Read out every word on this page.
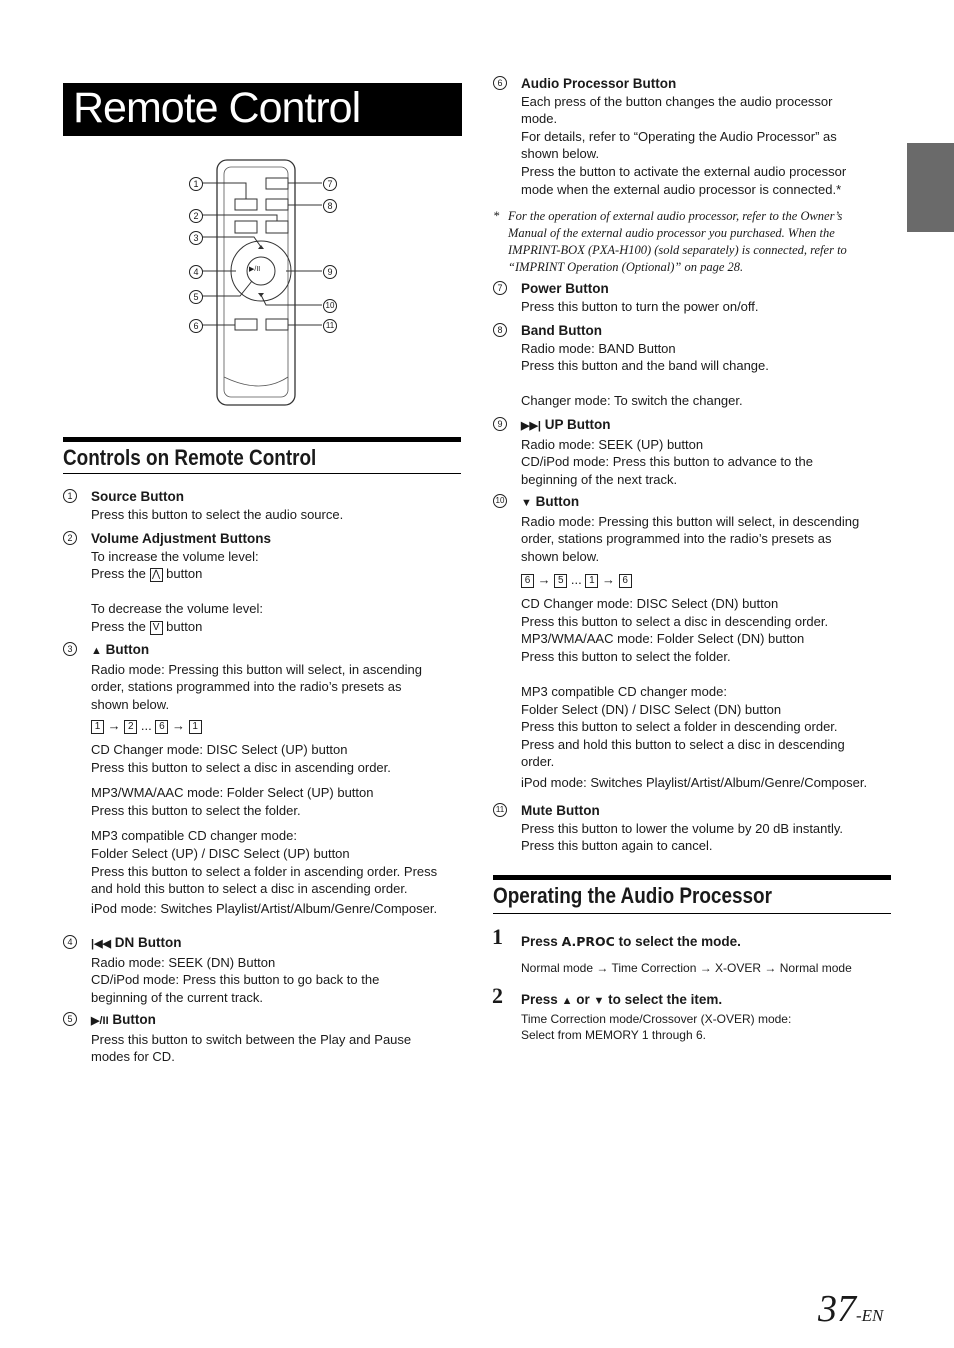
Remote Control
1
2
3
4
5
6
7
8
9
10
11
▶/II
Controls on Remote Control
1	Source Button
Press this button to select the audio source.
2	Volume Adjustment Buttons
To increase the volume level:
Press the ⋀ button
To decrease the volume level:
Press the V button
3	▲ Button
Radio mode: Pressing this button will select, in ascending
order, stations programmed into the radio’s presets as
shown below.
1 → 2 ... 6 → 1
CD Changer mode: DISC Select (UP) button
Press this button to select a disc in ascending order.
MP3/WMA/AAC mode: Folder Select (UP) button
Press this button to select the folder.
MP3 compatible CD changer mode:
Folder Select (UP) / DISC Select (UP) button
Press this button to select a folder in ascending order. Press
and hold this button to select a disc in ascending order.
iPod mode: Switches Playlist/Artist/Album/Genre/Composer.
4	|◀◀ DN Button
Radio mode: SEEK (DN) Button
CD/iPod mode: Press this button to go back to the
beginning of the current track.
5	▶/II Button
Press this button to switch between the Play and Pause
modes for CD.
6	Audio Processor Button
Each press of the button changes the audio processor
mode.
For details, refer to “Operating the Audio Processor” as
shown below.
Press the button to activate the external audio processor
mode when the external audio processor is connected.*
* For the operation of external audio processor, refer to the Owner’s
Manual of the external audio processor you purchased. When the
IMPRINT-BOX (PXA-H100) (sold separately) is connected, refer to
“IMPRINT Operation (Optional)” on page 28.
7	Power Button
Press this button to turn the power on/off.
8	Band Button
Radio mode: BAND Button
Press this button and the band will change.

Changer mode: To switch the changer.
9	▶▶| UP Button
Radio mode: SEEK (UP) button
CD/iPod mode: Press this button to advance to the
beginning of the next track.
10 ▼ Button
Radio mode: Pressing this button will select, in descending
order, stations programmed into the radio’s presets as
shown below.
6 → 5 ... 1 → 6
CD Changer mode: DISC Select (DN) button
Press this button to select a disc in descending order.
MP3/WMA/AAC mode: Folder Select (DN) button
Press this button to select the folder.

MP3 compatible CD changer mode:
Folder Select (DN) / DISC Select (DN) button
Press this button to select a folder in descending order.
Press and hold this button to select a disc in descending
order.
iPod mode: Switches Playlist/Artist/Album/Genre/Composer.
11 Mute Button
Press this button to lower the volume by 20 dB instantly.
Press this button again to cancel.
Operating the Audio Processor
1 Press A.PROC to select the mode.
Normal mode → Time Correction → X-OVER → Normal mode
2 Press ▲ or ▼ to select the item.
Time Correction mode/Crossover (X-OVER) mode:
Select from MEMORY 1 through 6.
37-EN
